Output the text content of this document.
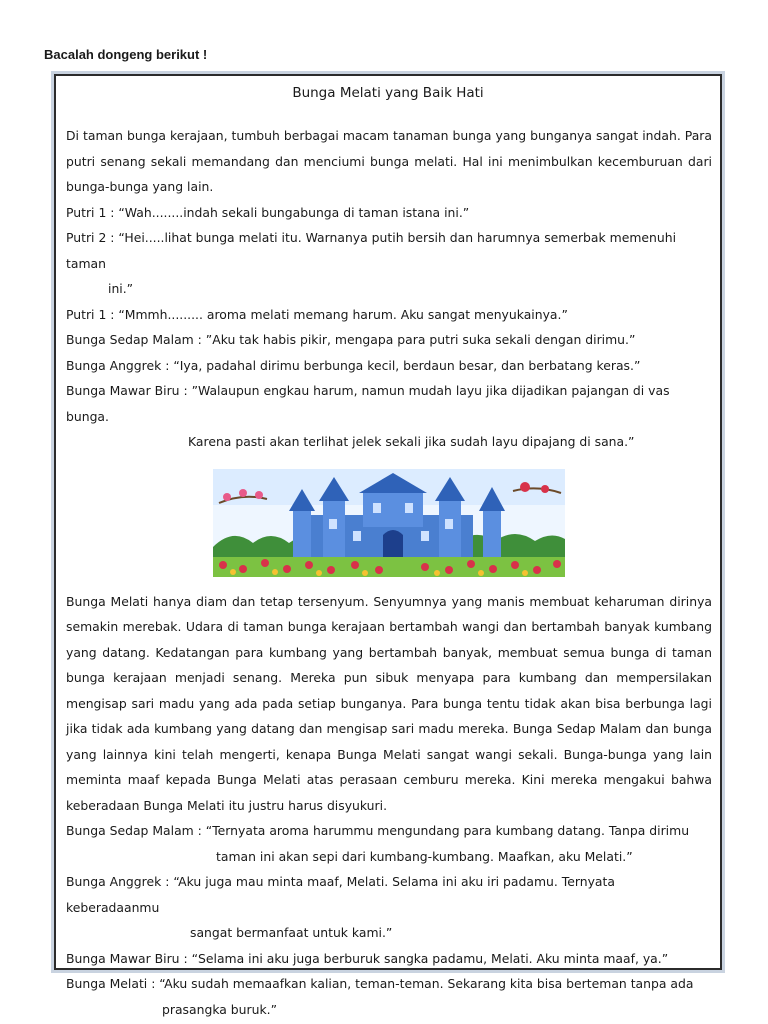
Bacalah dongeng berikut !

Bunga Melati yang Baik Hati

Di taman bunga kerajaan, tumbuh berbagai macam tanaman bunga yang bunganya sangat indah. Para putri senang sekali memandang dan menciumi bunga melati. Hal ini menimbulkan kecemburuan dari bunga-bunga yang lain.

Putri 1 : “Wah........indah sekali bungabunga di taman istana ini.”

Putri 2 : “Hei.....lihat bunga melati itu. Warnanya putih bersih dan harumnya semerbak memenuhi taman
ini.”

Putri 1 : “Mmmh......... aroma melati memang harum. Aku sangat menyukainya.”

Bunga Sedap Malam : ”Aku tak habis pikir, mengapa para putri suka sekali dengan dirimu.”

Bunga Anggrek : “Iya, padahal dirimu berbunga kecil, berdaun besar, dan berbatang keras.”

Bunga Mawar Biru : ”Walaupun engkau harum, namun mudah layu jika dijadikan pajangan di vas bunga.
Karena pasti akan terlihat jelek sekali jika sudah layu dipajang di sana.”

Bunga Melati hanya diam dan tetap tersenyum. Senyumnya yang manis membuat keharuman dirinya semakin merebak. Udara di taman bunga kerajaan bertambah wangi dan bertambah banyak kumbang yang datang. Kedatangan para kumbang yang bertambah banyak, membuat semua bunga di taman bunga kerajaan menjadi senang. Mereka pun sibuk menyapa para kumbang dan mempersilakan mengisap sari madu yang ada pada setiap bunganya. Para bunga tentu tidak akan bisa berbunga lagi jika tidak ada kumbang yang datang dan mengisap sari madu mereka. Bunga Sedap Malam dan bunga yang lainnya kini telah mengerti, kenapa Bunga Melati sangat wangi sekali. Bunga-bunga yang lain meminta maaf kepada Bunga Melati atas perasaan cemburu mereka. Kini mereka mengakui bahwa keberadaan Bunga Melati itu justru harus disyukuri.

Bunga Sedap Malam : “Ternyata aroma harummu mengundang para kumbang datang. Tanpa dirimu
taman ini akan sepi dari kumbang-kumbang. Maafkan, aku Melati.”

Bunga Anggrek : “Aku juga mau minta maaf, Melati. Selama ini aku iri padamu. Ternyata keberadaanmu
sangat bermanfaat untuk kami.”

Bunga Mawar Biru : “Selama ini aku juga berburuk sangka padamu, Melati. Aku minta maaf, ya.”

Bunga Melati : “Aku sudah memaafkan kalian, teman-teman. Sekarang kita bisa berteman tanpa ada
prasangka buruk.”
